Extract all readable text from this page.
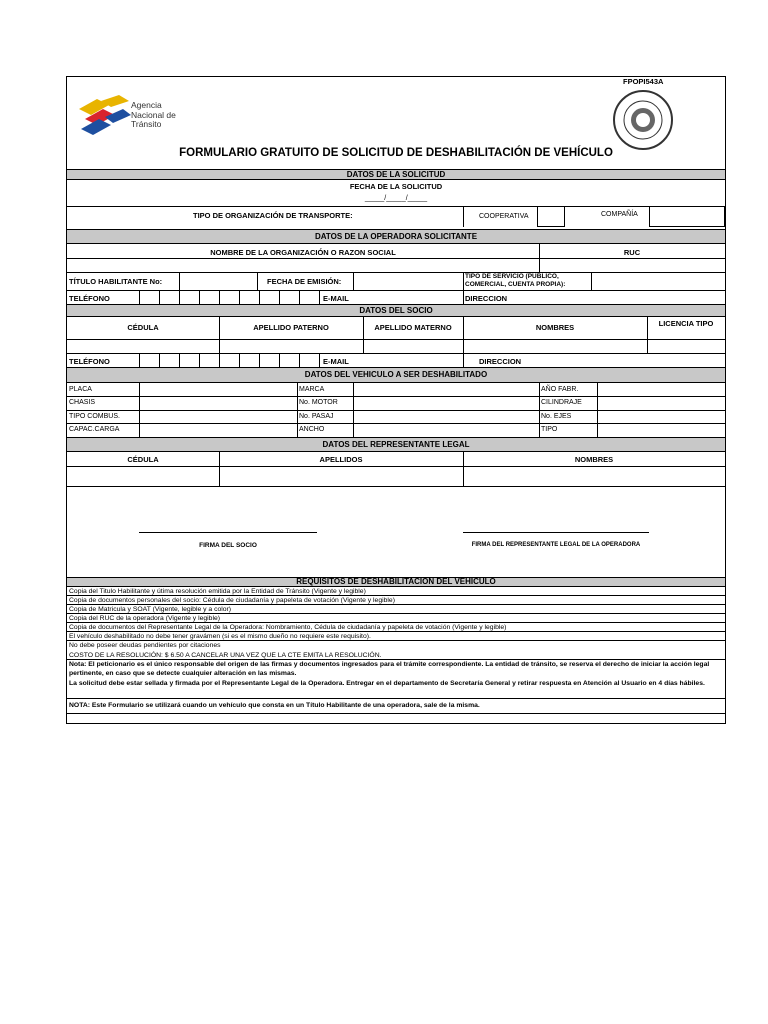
FPOPI543A
Agencia Nacional de Tránsito
FORMULARIO GRATUITO DE SOLICITUD DE DESHABILITACIÓN DE VEHÍCULO
DATOS DE LA SOLICITUD
FECHA DE LA SOLICITUD
_____/_____/_____
TIPO DE ORGANIZACIÓN DE TRANSPORTE:	COOPERATIVA	COMPAÑÍA
DATOS DE LA OPERADORA SOLICITANTE
NOMBRE DE LA ORGANIZACIÓN O RAZON SOCIAL	RUC
TÍTULO HABILITANTE No:	FECHA DE EMISIÓN:
TIPO DE SERVICIO (PUBLICO, COMERCIAL, CUENTA PROPIA):
TELÉFONO	E-MAIL	DIRECCION
DATOS DEL SOCIO
CÉDULA	APELLIDO PATERNO	APELLIDO MATERNO	NOMBRES	LICENCIA TIPO
TELÉFONO	E-MAIL	DIRECCION
DATOS DEL VEHICULO A SER DESHABILITADO
PLACA	MARCA	AÑO FABR.
CHASIS	No. MOTOR	CILINDRAJE
TIPO COMBUS.	No. PASAJ	No. EJES
CAPAC.CARGA	ANCHO	TIPO
DATOS DEL REPRESENTANTE LEGAL
CÉDULA	APELLIDOS	NOMBRES
FIRMA DEL SOCIO	FIRMA DEL REPRESENTANTE LEGAL DE LA OPERADORA
REQUISITOS DE DESHABILITACION DEL VEHICULO
Copia del Titulo Habilitante y útima resolución emitida por la Entidad de Tránsito (Vigente y legible)
Copia de documentos personales del socio: Cédula de ciudadanía y papeleta de votación (Vigente y legible)
Copia de Matricula y SOAT (Vigente, legible y a color)
Copia del RUC de la operadora (Vigente y legible)
Copia de documentos del Representante Legal de la Operadora: Nombramiento, Cédula de ciudadanía y papeleta de votación (Vigente y legible)
El vehículo deshabilitado no debe tener gravámen (si es el mismo dueño no requiere este requisito).
No debe poseer deudas pendientes por citaciones
COSTO DE LA RESOLUCIÓN: $ 6.50 A CANCELAR UNA VEZ QUE LA CTE EMITA LA RESOLUCIÓN.
Nota: El peticionario es el único responsable del origen de las firmas y documentos ingresados para el trámite correspondiente. La entidad de tránsito, se reserva el derecho de iniciar la acción legal pertinente, en caso que se detecte cualquier alteración en las mismas.
La solicitud debe estar sellada y firmada por el Representante Legal de la Operadora. Entregar en el departamento de Secretaría General y retirar respuesta en Atención al Usuario en 4 días hábiles.
NOTA: Este Formulario se utilizará cuando un vehículo que consta en un Título Habilitante de una operadora, sale de la misma.
